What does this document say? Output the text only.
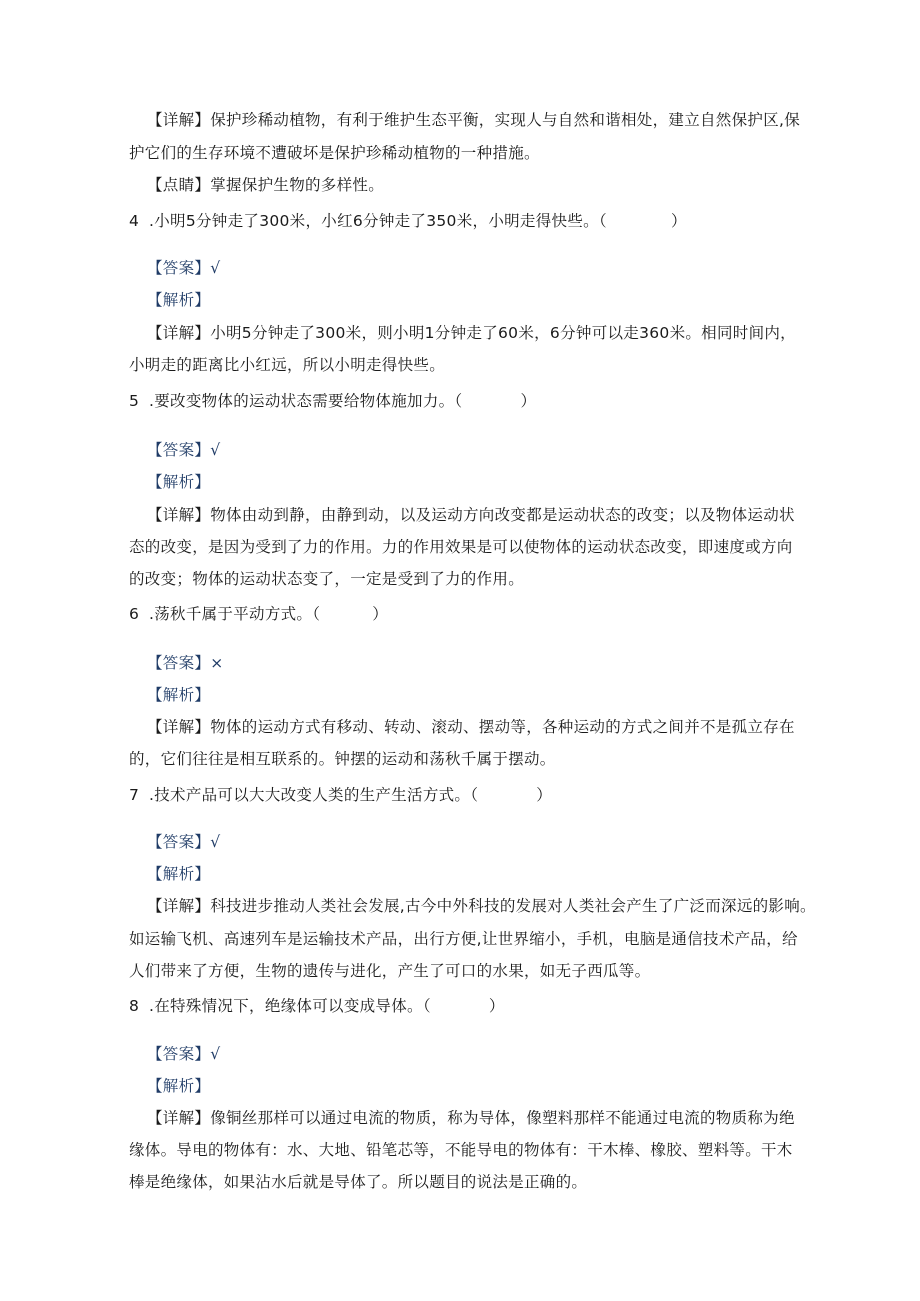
【详解】保护珍稀动植物，有利于维护生态平衡，实现人与自然和谐相处，建立自然保护区,保
护它们的生存环境不遭破坏是保护珍稀动植物的一种措施。
【点睛】掌握保护生物的多样性。
4 .小明5分钟走了300米，小红6分钟走了350米，小明走得快些。（	）
【答案】√
【解析】
【详解】小明5分钟走了300米，则小明1分钟走了60米，6分钟可以走360米。相同时间内，
小明走的距离比小红远，所以小明走得快些。
5 .要改变物体的运动状态需要给物体施加力。（	）
【答案】√
【解析】
【详解】物体由动到静，由静到动，以及运动方向改变都是运动状态的改变；以及物体运动状
态的改变，是因为受到了力的作用。力的作用效果是可以使物体的运动状态改变，即速度或方向
的改变；物体的运动状态变了，一定是受到了力的作用。
6 .荡秋千属于平动方式。（	）
【答案】×
【解析】
【详解】物体的运动方式有移动、转动、滚动、摆动等，各种运动的方式之间并不是孤立存在
的，它们往往是相互联系的。钟摆的运动和荡秋千属于摆动。
7 .技术产品可以大大改变人类的生产生活方式。（	）
【答案】√
【解析】
【详解】科技进步推动人类社会发展,古今中外科技的发展对人类社会产生了广泛而深远的影响。
如运输飞机、高速列车是运输技术产品，出行方便,让世界缩小，手机，电脑是通信技术产品，给
人们带来了方便，生物的遗传与进化，产生了可口的水果，如无子西瓜等。
8 .在特殊情况下，绝缘体可以变成导体。（	）
【答案】√
【解析】
【详解】像铜丝那样可以通过电流的物质，称为导体，像塑料那样不能通过电流的物质称为绝
缘体。导电的物体有：水、大地、铅笔芯等，不能导电的物体有：干木棒、橡胶、塑料等。干木
棒是绝缘体，如果沾水后就是导体了。所以题目的说法是正确的。
